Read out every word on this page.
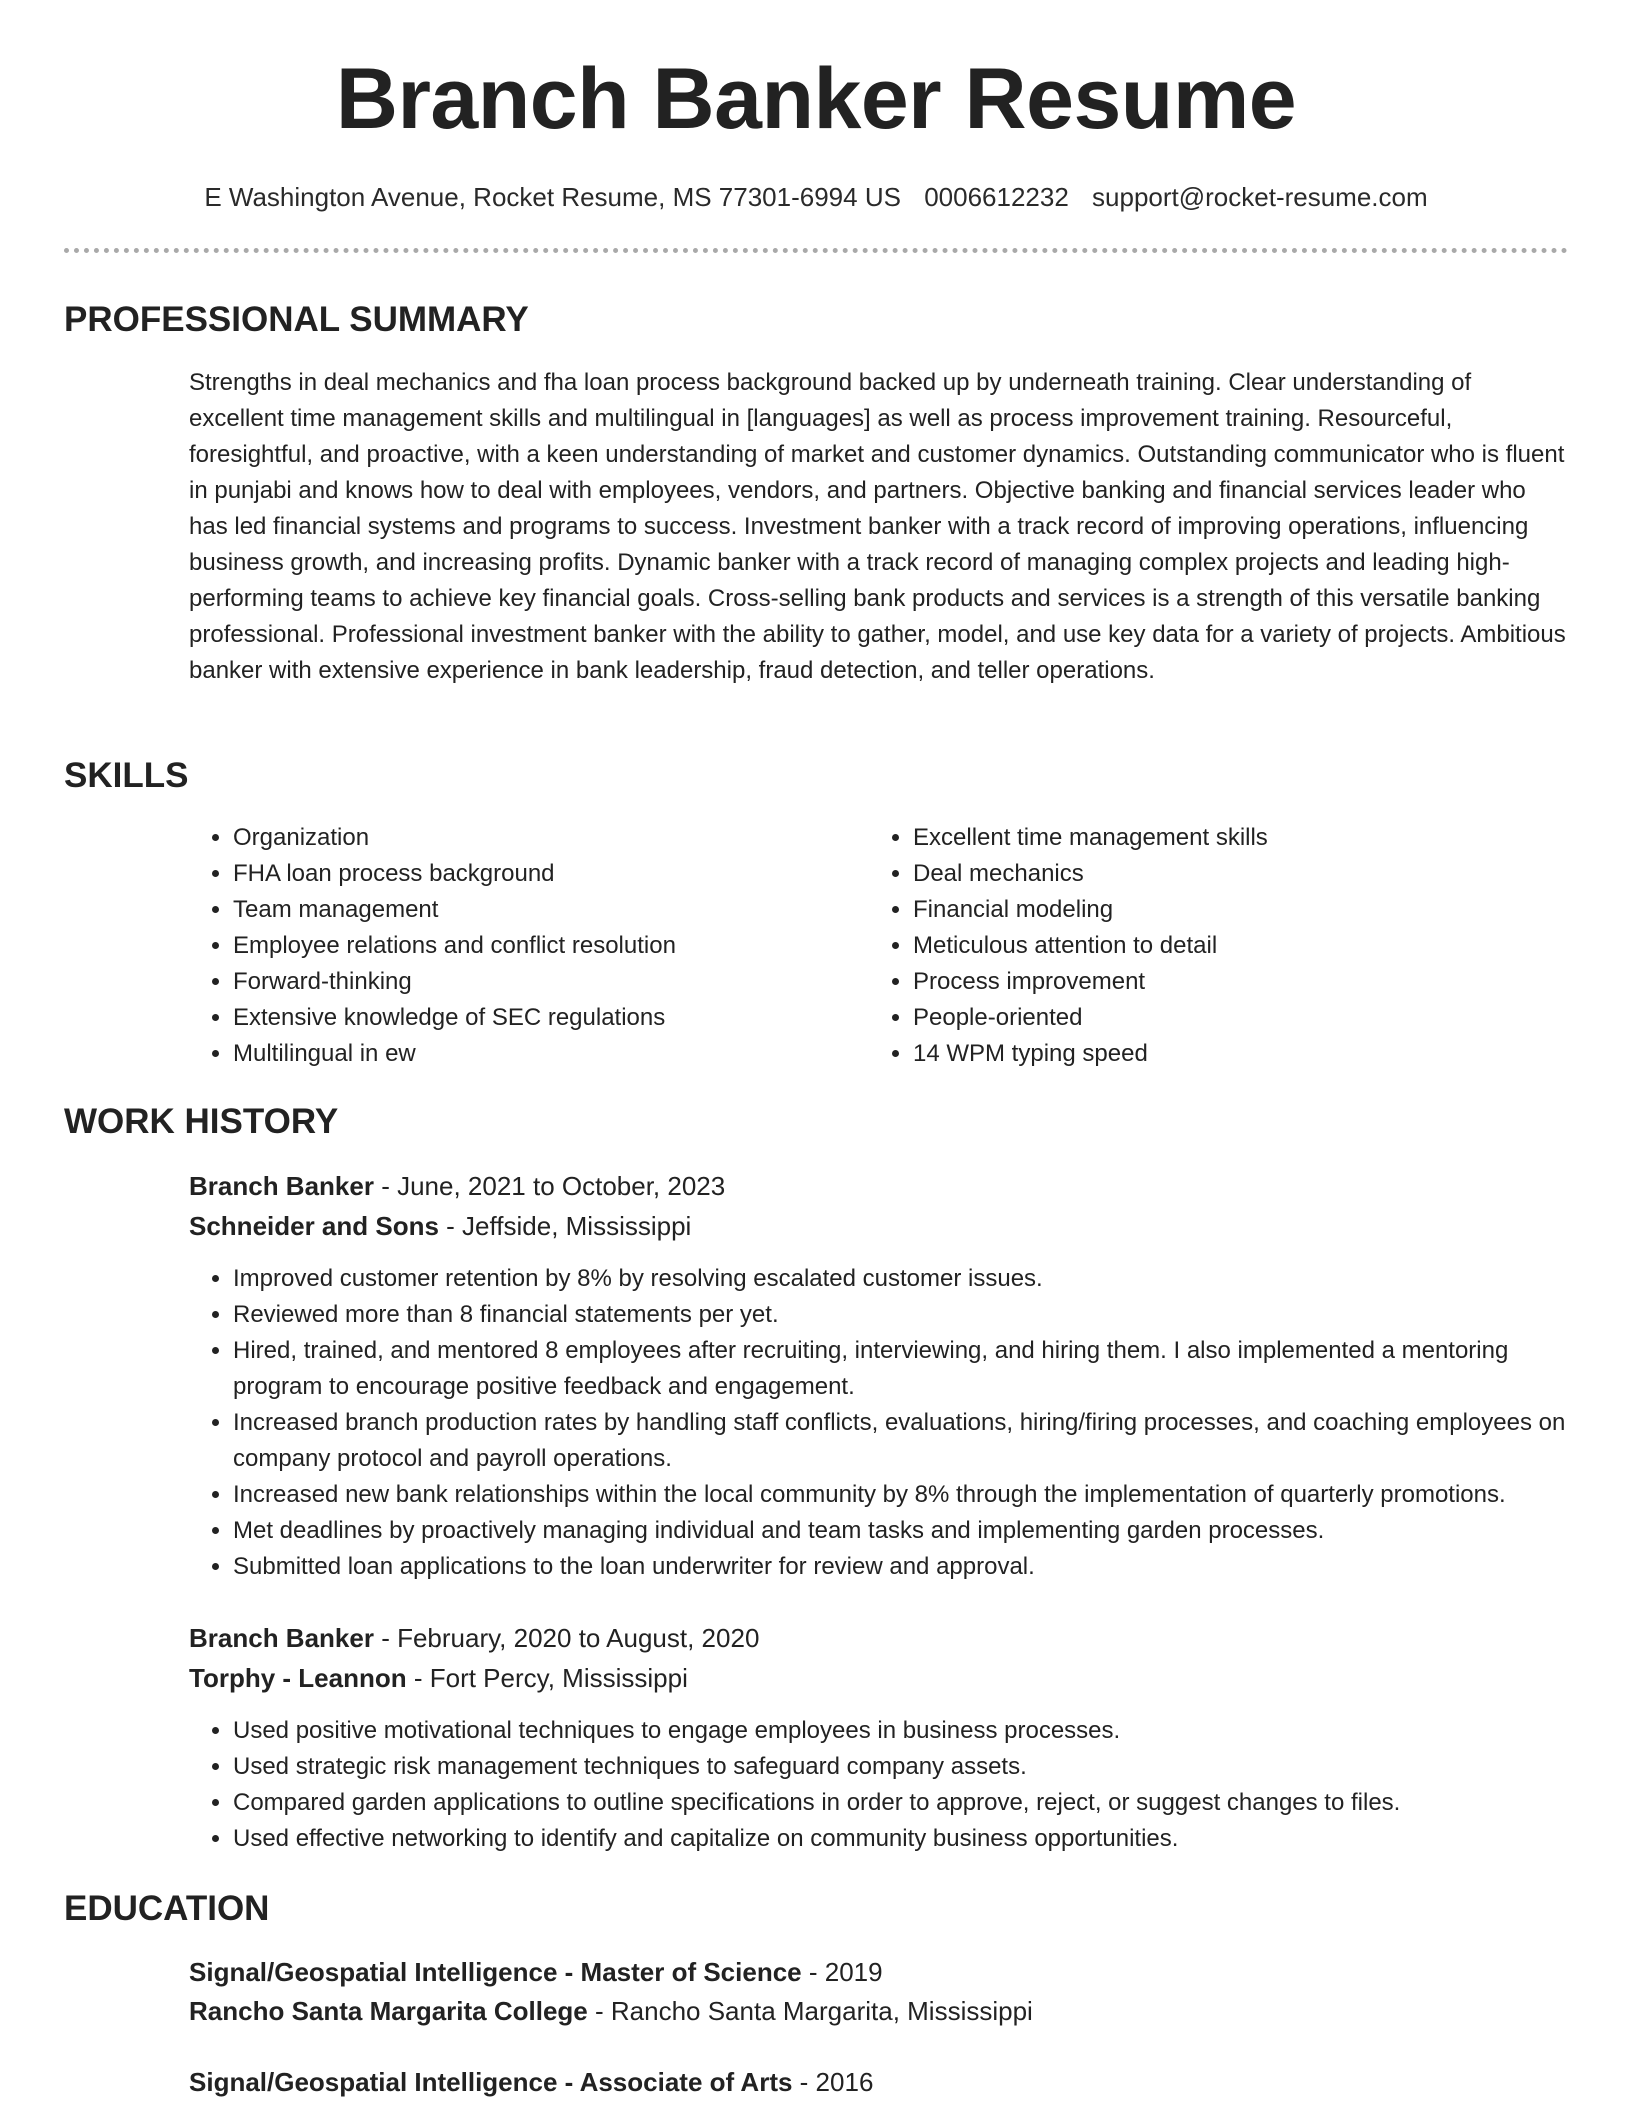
Branch Banker Resume
E Washington Avenue, Rocket Resume, MS 77301-6994 US 0006612232 support@rocket-resume.com
PROFESSIONAL SUMMARY
Strengths in deal mechanics and fha loan process background backed up by underneath training. Clear understanding of excellent time management skills and multilingual in [languages] as well as process improvement training. Resourceful, foresightful, and proactive, with a keen understanding of market and customer dynamics. Outstanding communicator who is fluent in punjabi and knows how to deal with employees, vendors, and partners. Objective banking and financial services leader who has led financial systems and programs to success. Investment banker with a track record of improving operations, influencing business growth, and increasing profits. Dynamic banker with a track record of managing complex projects and leading high-performing teams to achieve key financial goals. Cross-selling bank products and services is a strength of this versatile banking professional. Professional investment banker with the ability to gather, model, and use key data for a variety of projects. Ambitious banker with extensive experience in bank leadership, fraud detection, and teller operations.
SKILLS
• Organization
• FHA loan process background
• Team management
• Employee relations and conflict resolution
• Forward-thinking
• Extensive knowledge of SEC regulations
• Multilingual in ew
• Excellent time management skills
• Deal mechanics
• Financial modeling
• Meticulous attention to detail
• Process improvement
• People-oriented
• 14 WPM typing speed
WORK HISTORY
Branch Banker - June, 2021 to October, 2023
Schneider and Sons - Jeffside, Mississippi
• Improved customer retention by 8% by resolving escalated customer issues.
• Reviewed more than 8 financial statements per yet.
• Hired, trained, and mentored 8 employees after recruiting, interviewing, and hiring them. I also implemented a mentoring program to encourage positive feedback and engagement.
• Increased branch production rates by handling staff conflicts, evaluations, hiring/firing processes, and coaching employees on company protocol and payroll operations.
• Increased new bank relationships within the local community by 8% through the implementation of quarterly promotions.
• Met deadlines by proactively managing individual and team tasks and implementing garden processes.
• Submitted loan applications to the loan underwriter for review and approval.
Branch Banker - February, 2020 to August, 2020
Torphy - Leannon - Fort Percy, Mississippi
• Used positive motivational techniques to engage employees in business processes.
• Used strategic risk management techniques to safeguard company assets.
• Compared garden applications to outline specifications in order to approve, reject, or suggest changes to files.
• Used effective networking to identify and capitalize on community business opportunities.
EDUCATION
Signal/Geospatial Intelligence - Master of Science - 2019
Rancho Santa Margarita College - Rancho Santa Margarita, Mississippi
Signal/Geospatial Intelligence - Associate of Arts - 2016
